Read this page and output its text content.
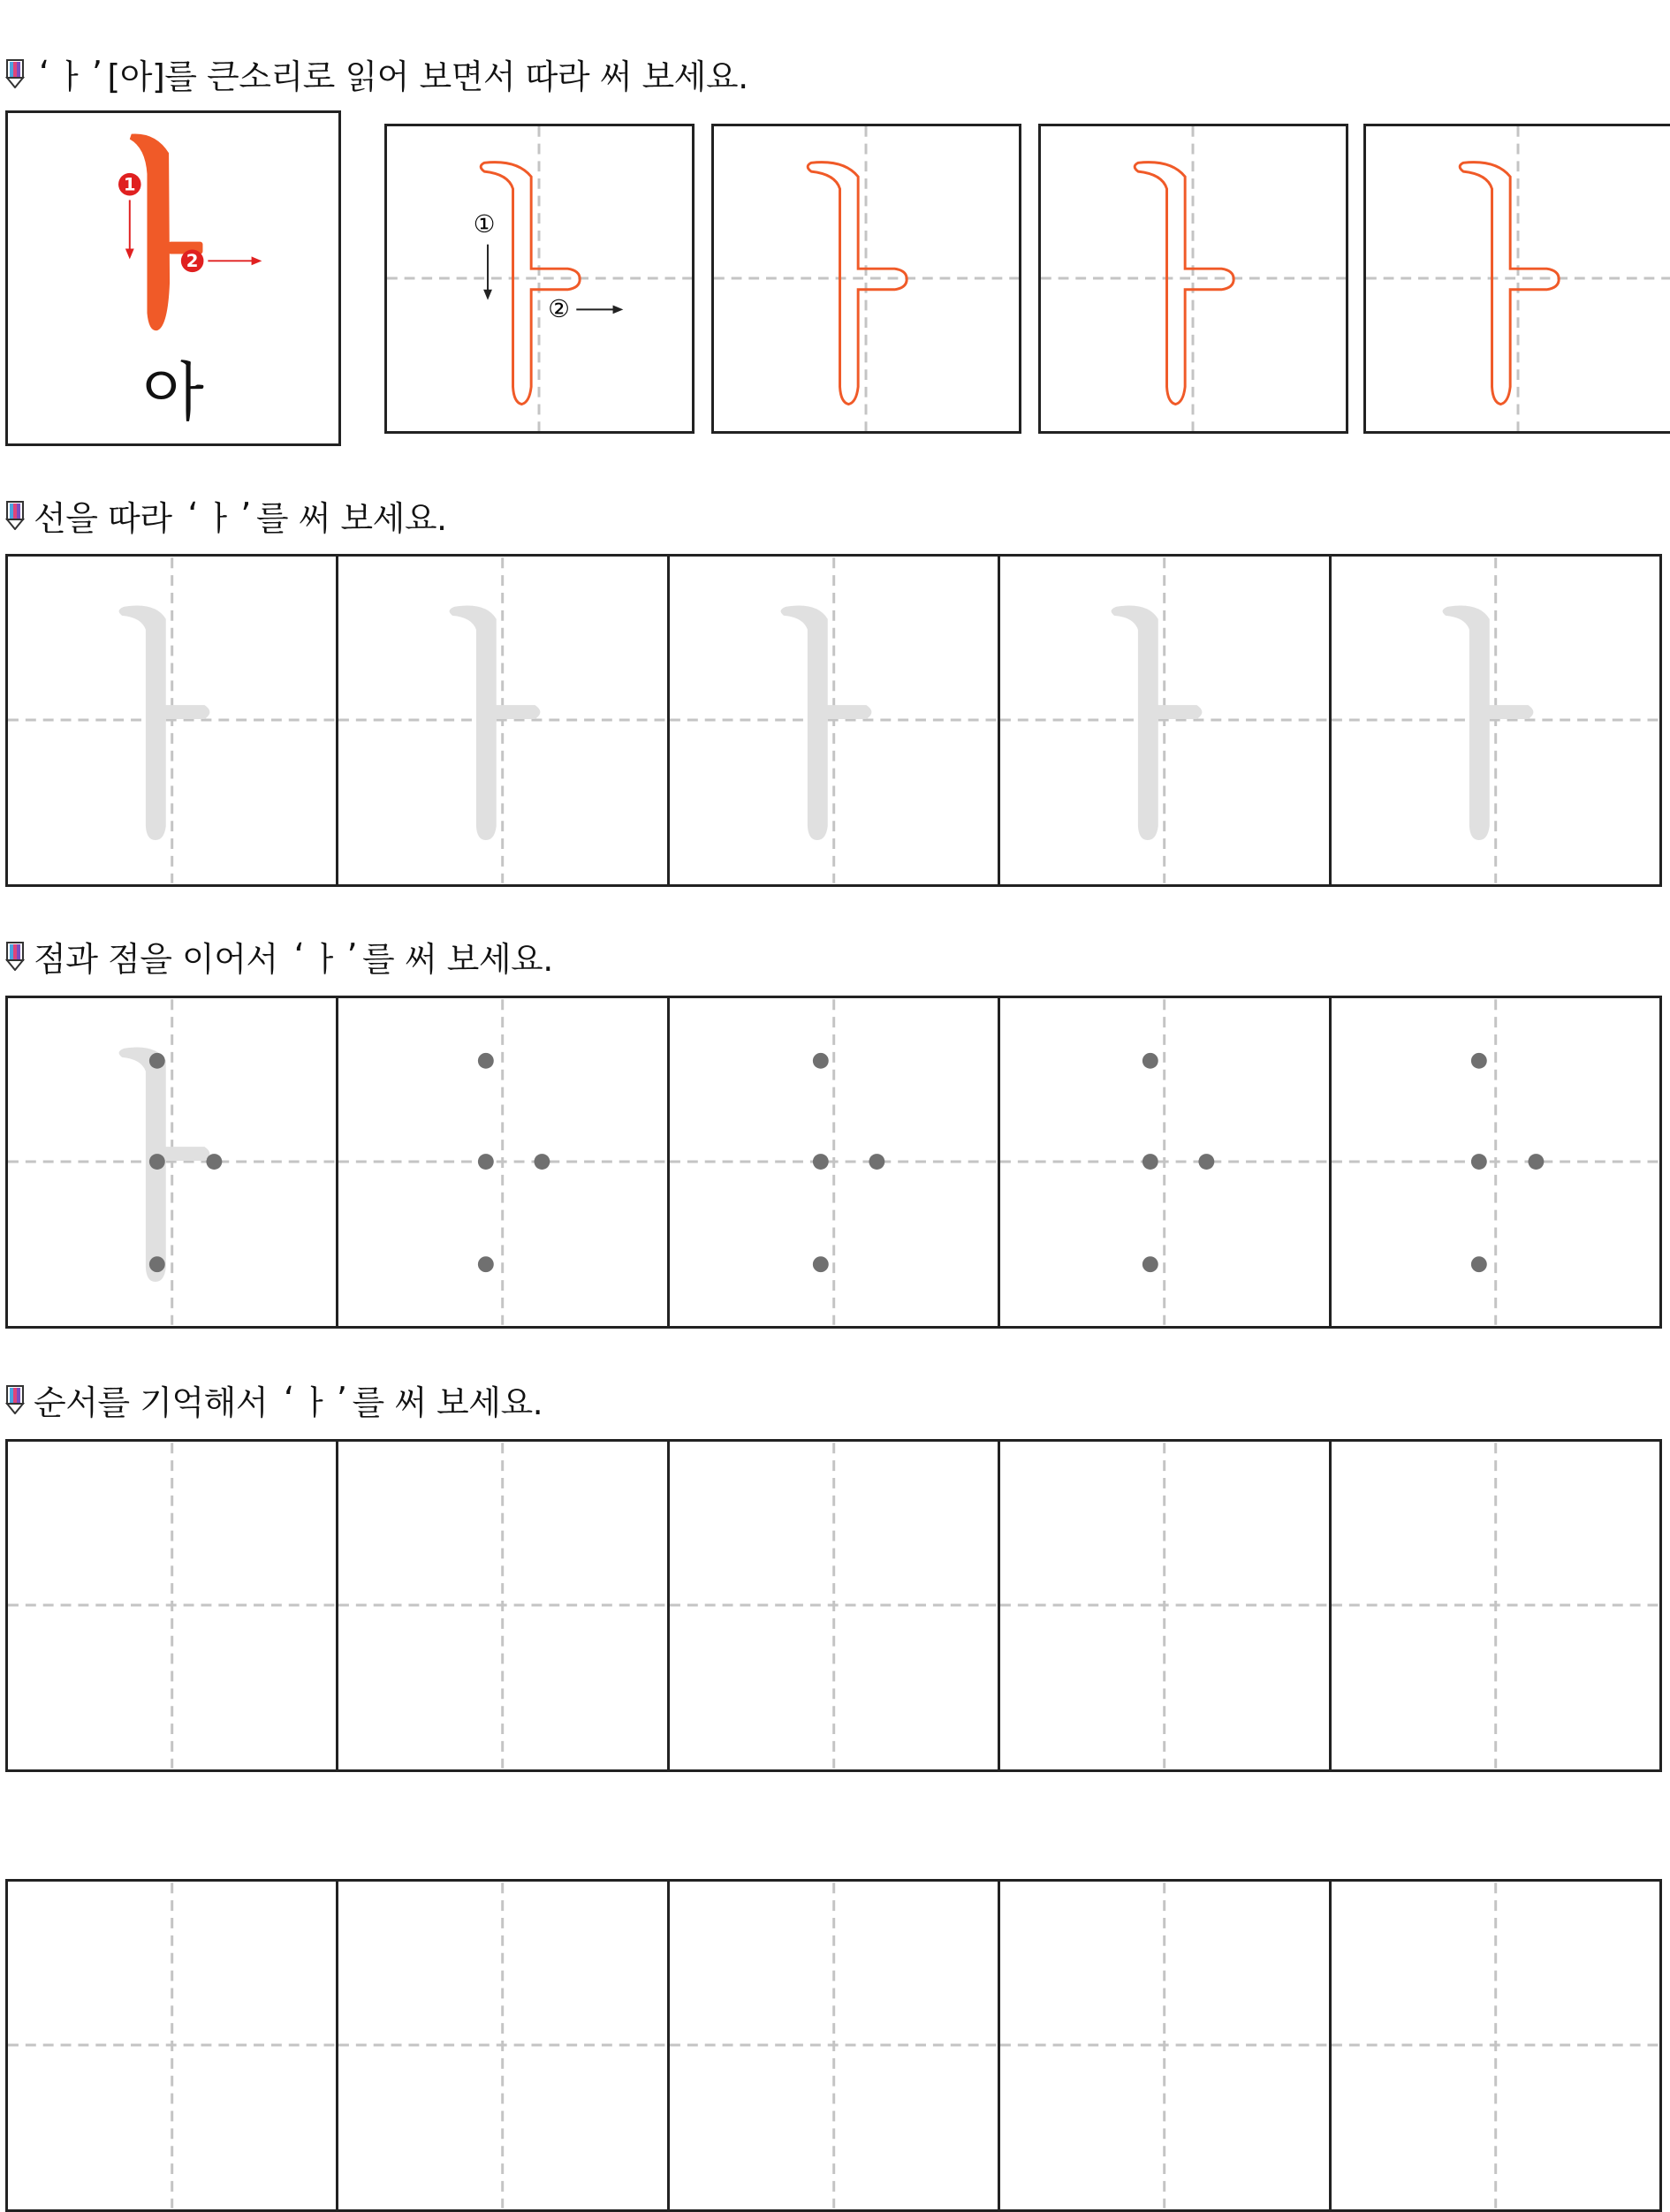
‘ ㅏ ’ [아]를 큰소리로 읽어 보면서 따라 써 보세요.
1
2
아
①
②
선을 따라 ‘ ㅏ ’ 를 써 보세요.
점과 점을 이어서 ‘ ㅏ ’ 를 써 보세요.
순서를 기억해서 ‘ ㅏ ’ 를 써 보세요.
